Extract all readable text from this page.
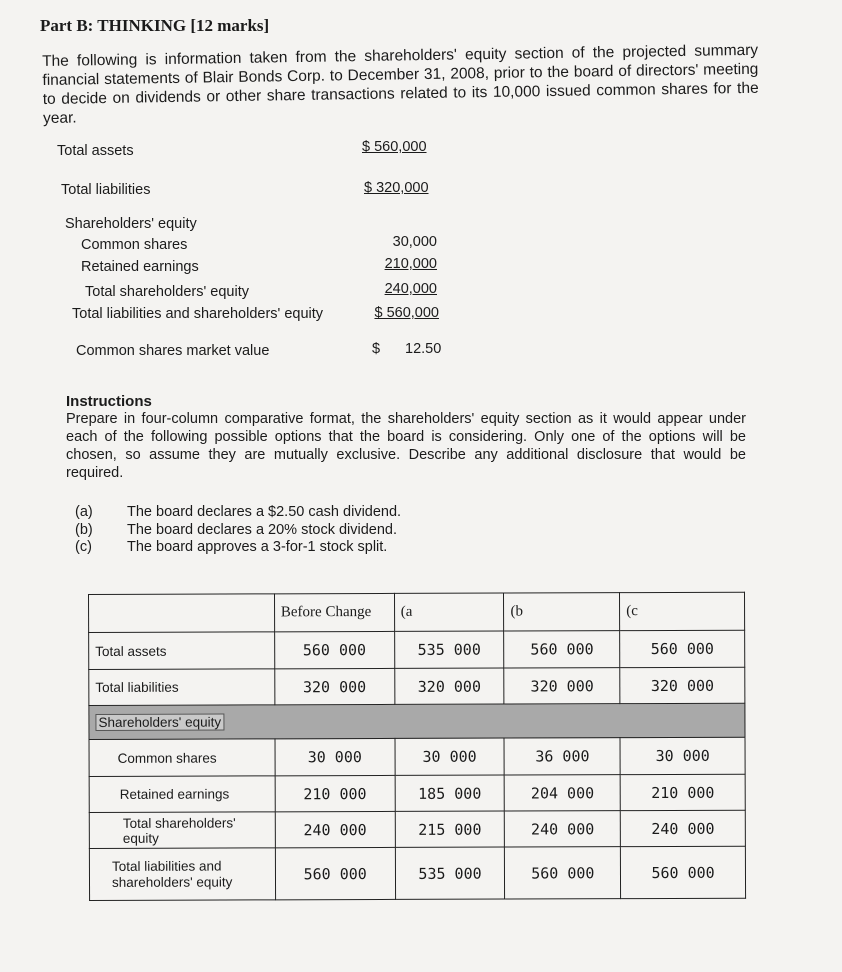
Part B: THINKING [12 marks]
The following is information taken from the shareholders' equity section of the projected summary financial statements of Blair Bonds Corp. to December 31, 2008, prior to the board of directors' meeting to decide on dividends or other share transactions related to its 10,000 issued common shares for the year.
Total assets	$ 560,000
Total liabilities	$ 320,000
Shareholders' equity
Common shares	30,000
Retained earnings	210,000
Total shareholders' equity	240,000
Total liabilities and shareholders' equity	$ 560,000
Common shares market value	$ 12.50
Instructions
Prepare in four-column comparative format, the shareholders' equity section as it would appear under each of the following possible options that the board is considering. Only one of the options will be chosen, so assume they are mutually exclusive. Describe any additional disclosure that would be required.
(a) The board declares a $2.50 cash dividend.
(b) The board declares a 20% stock dividend.
(c) The board approves a 3-for-1 stock split.
	Before Change	(a	(b	(c
Total assets	560 000	535 000	560 000	560 000
Total liabilities	320 000	320 000	320 000	320 000
Shareholders' equity				
Common shares	30 000	30 000	36 000	30 000
Retained earnings	210 000	185 000	204 000	210 000
Total shareholders' equity	240 000	215 000	240 000	240 000

Total liabilities and
shareholders' equity	560 000	535 000	560 000	560 000
